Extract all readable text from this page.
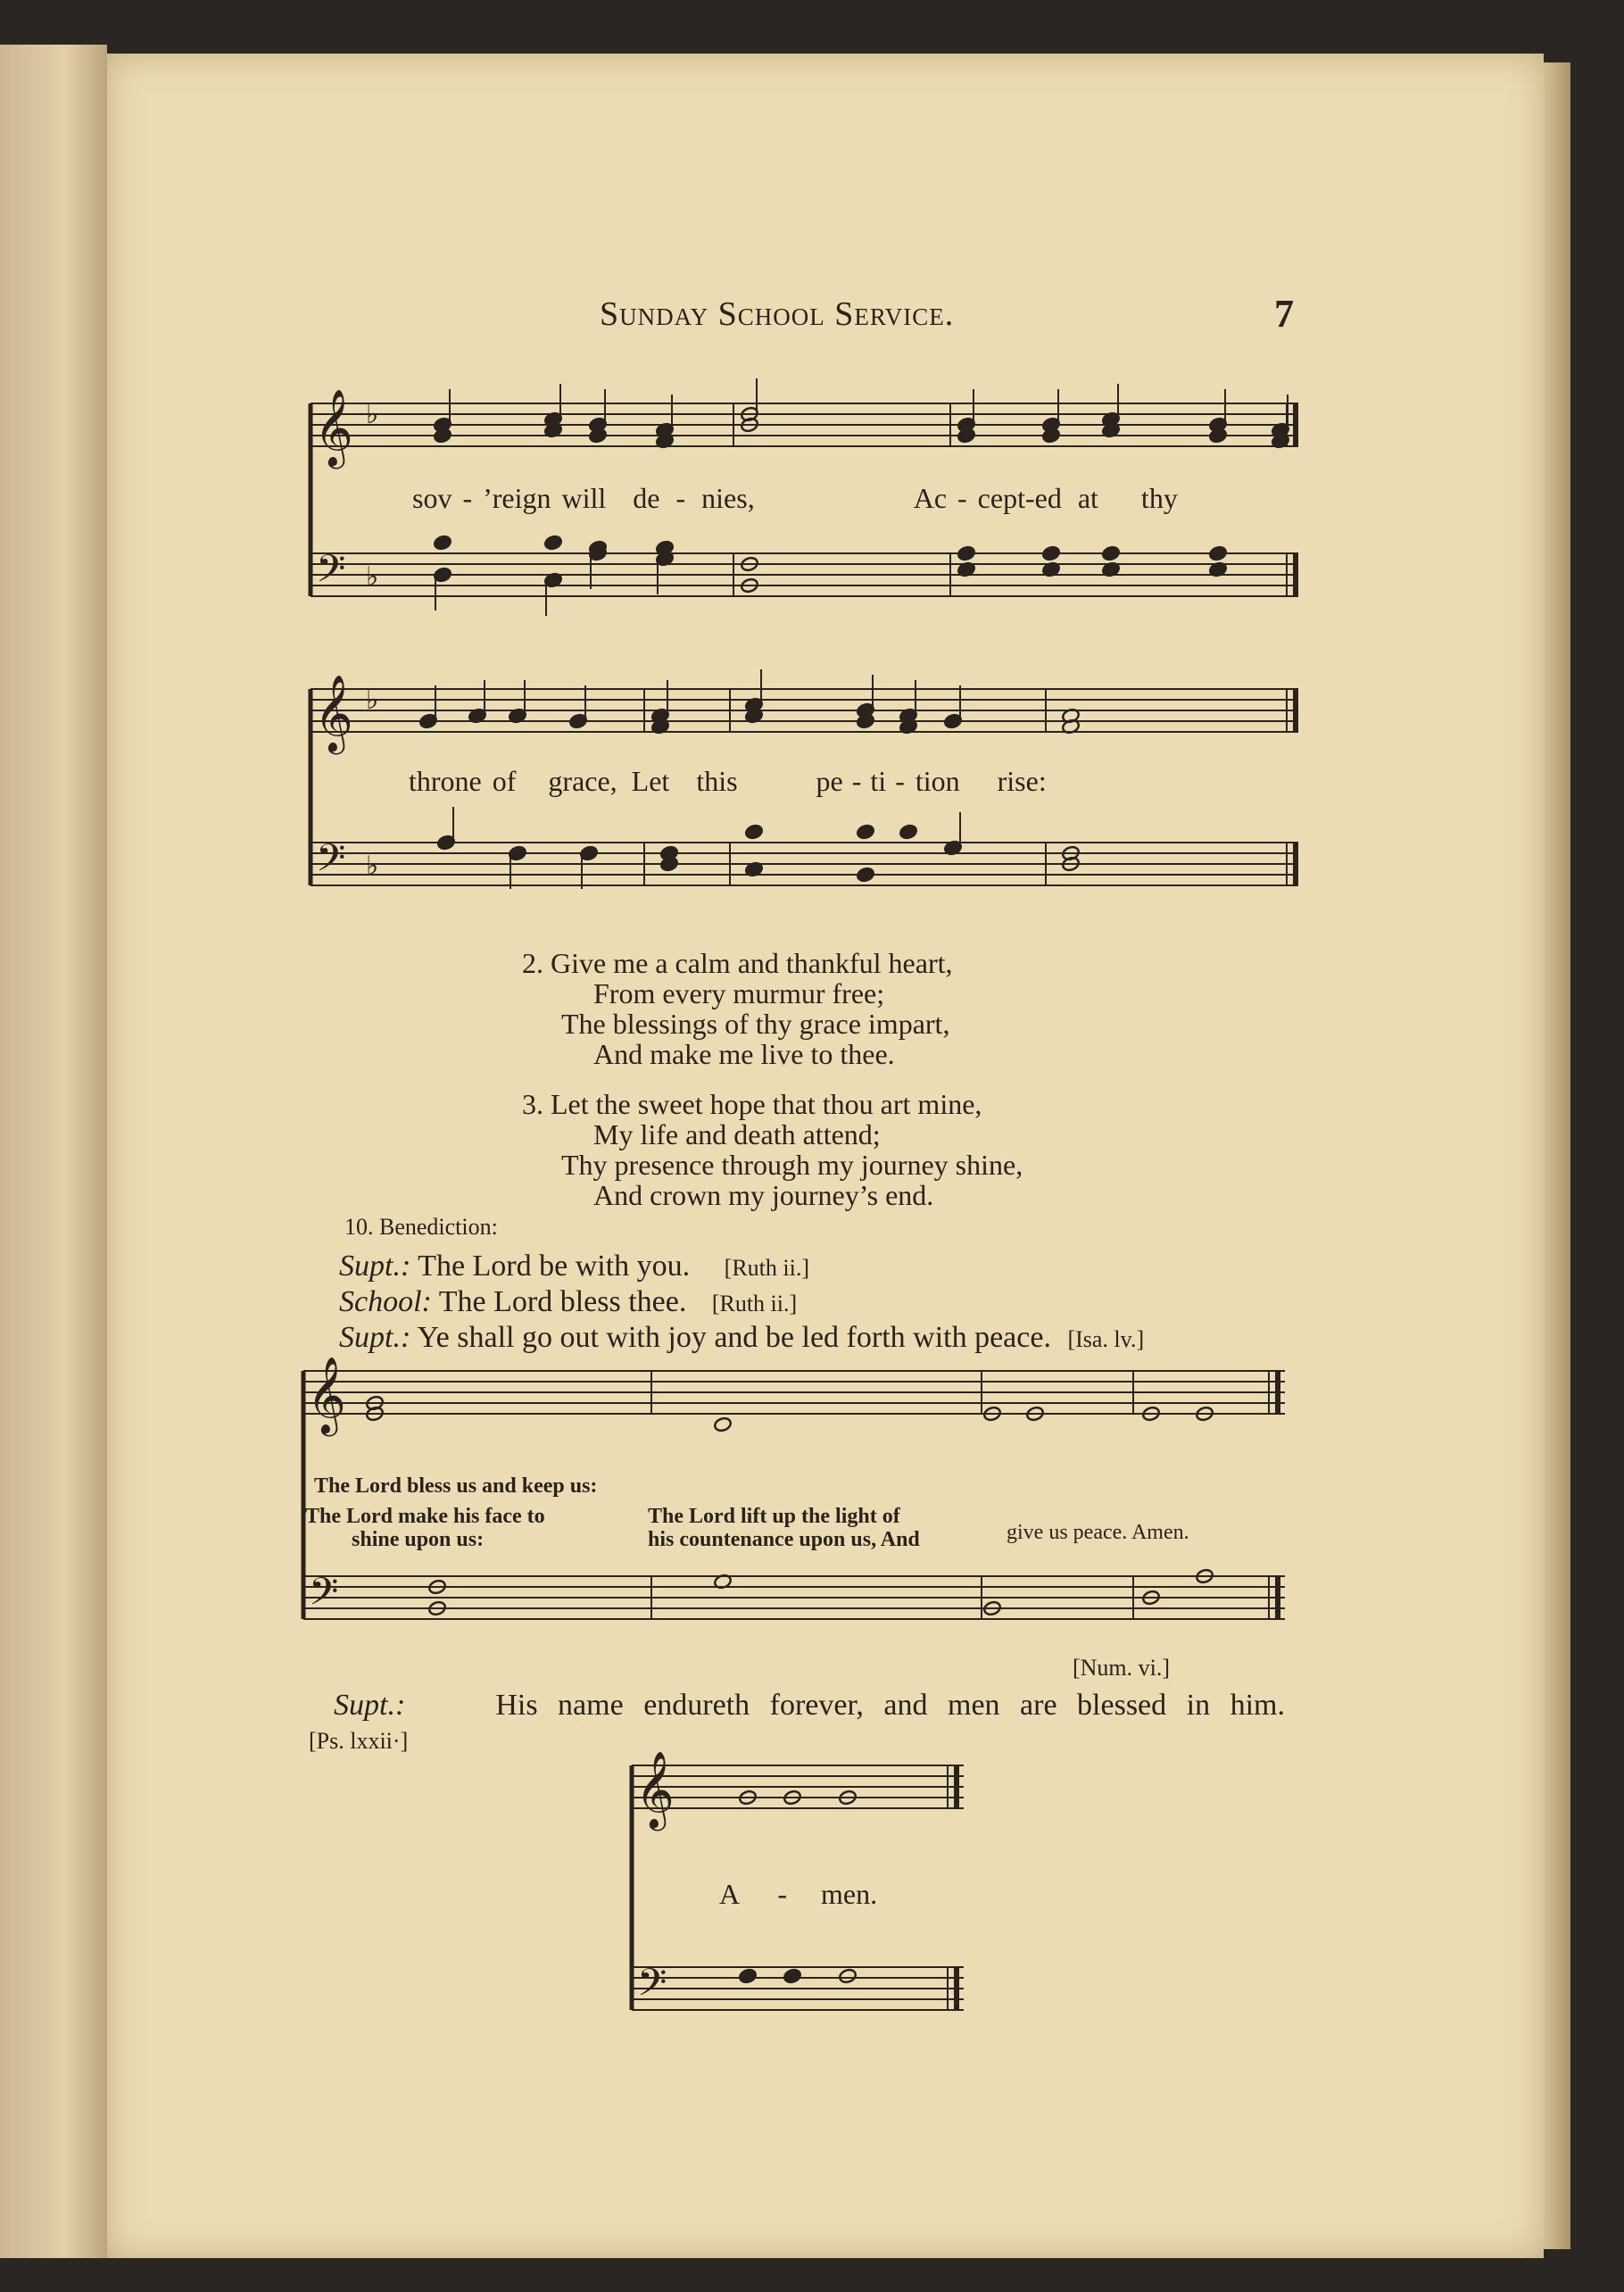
Sunday School Service.	7
𝄞
𝄢
♭
♭
𝄞
𝄢
♭
♭
𝄞
𝄢
𝄞
𝄢
sov - ’reign will de - nies,	Ac - cept-ed at thy
throne of grace, Let this	pe - ti - tion rise:
2. Give me a calm and thankful heart,
From every murmur free;
The blessings of thy grace impart,
And make me live to thee.
3. Let the sweet hope that thou art mine,
My life and death attend;
Thy presence through my journey shine,
And crown my journey’s end.
10. Benediction:
Supt.: The Lord be with you. [Ruth ii.]
School: The Lord bless thee. [Ruth ii.]
Supt.: Ye shall go out with joy and be led forth with peace. [Isa. lv.]
The Lord bless us and keep us:
The Lord make his face to
shine upon us:
The Lord lift up the light of
his countenance upon us, And	give us peace. Amen.
[Num. vi.]
Supt.:	His name endureth forever, and men are blessed in him.
[Ps. lxxii·]
A - men.
